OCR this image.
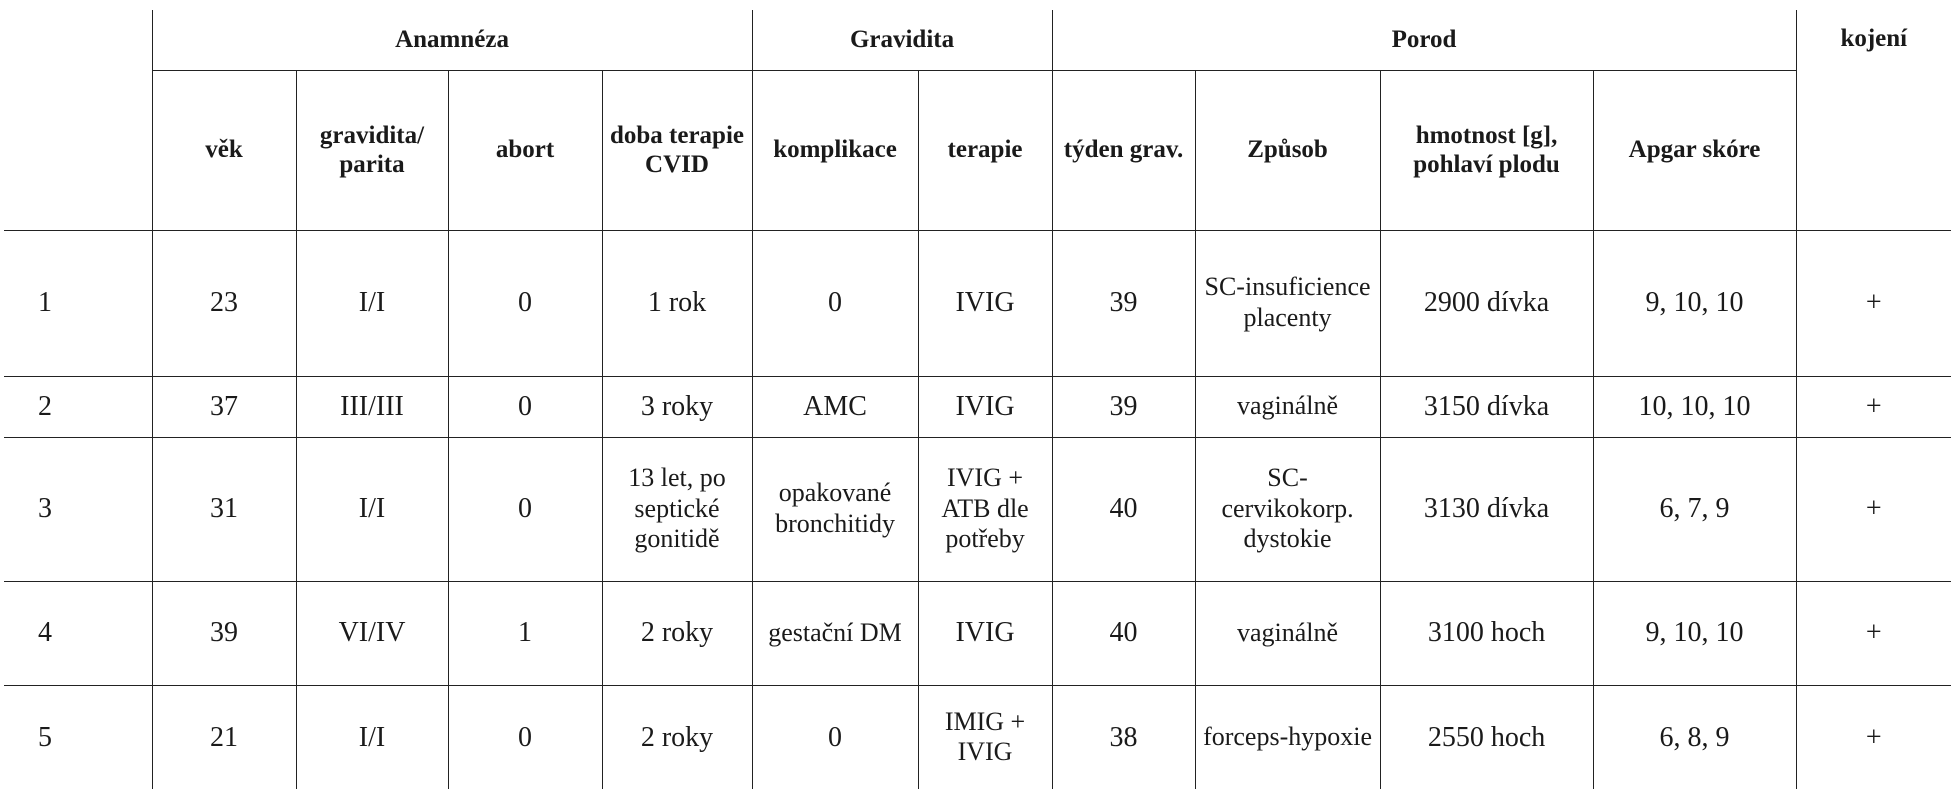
	Anamnéza				Gravidita		Porod				kojení
	věk	gravidita/ parita	abort	doba terapie CVID	komplikace	terapie	týden grav.	Způsob	hmotnost [g], pohlaví plodu	Apgar skóre	
1	23	I/I	0	1 rok	0	IVIG	39	SC-insuficience placenty	2900 dívka	9, 10, 10	+
2	37	III/III	0	3 roky	AMC	IVIG	39	vaginálně	3150 dívka	10, 10, 10	+
3	31	I/I	0	13 let, po septické gonitidě	opakované bronchitidy	IVIG + ATB dle potřeby	40	SC-cervikokorp. dystokie	3130 dívka	6, 7, 9	+
4	39	VI/IV	1	2 roky	gestační DM	IVIG	40	vaginálně	3100 hoch	9, 10, 10	+
5	21	I/I	0	2 roky	0	IMIG + IVIG	38	forceps-hypoxie	2550 hoch	6, 8, 9	+
